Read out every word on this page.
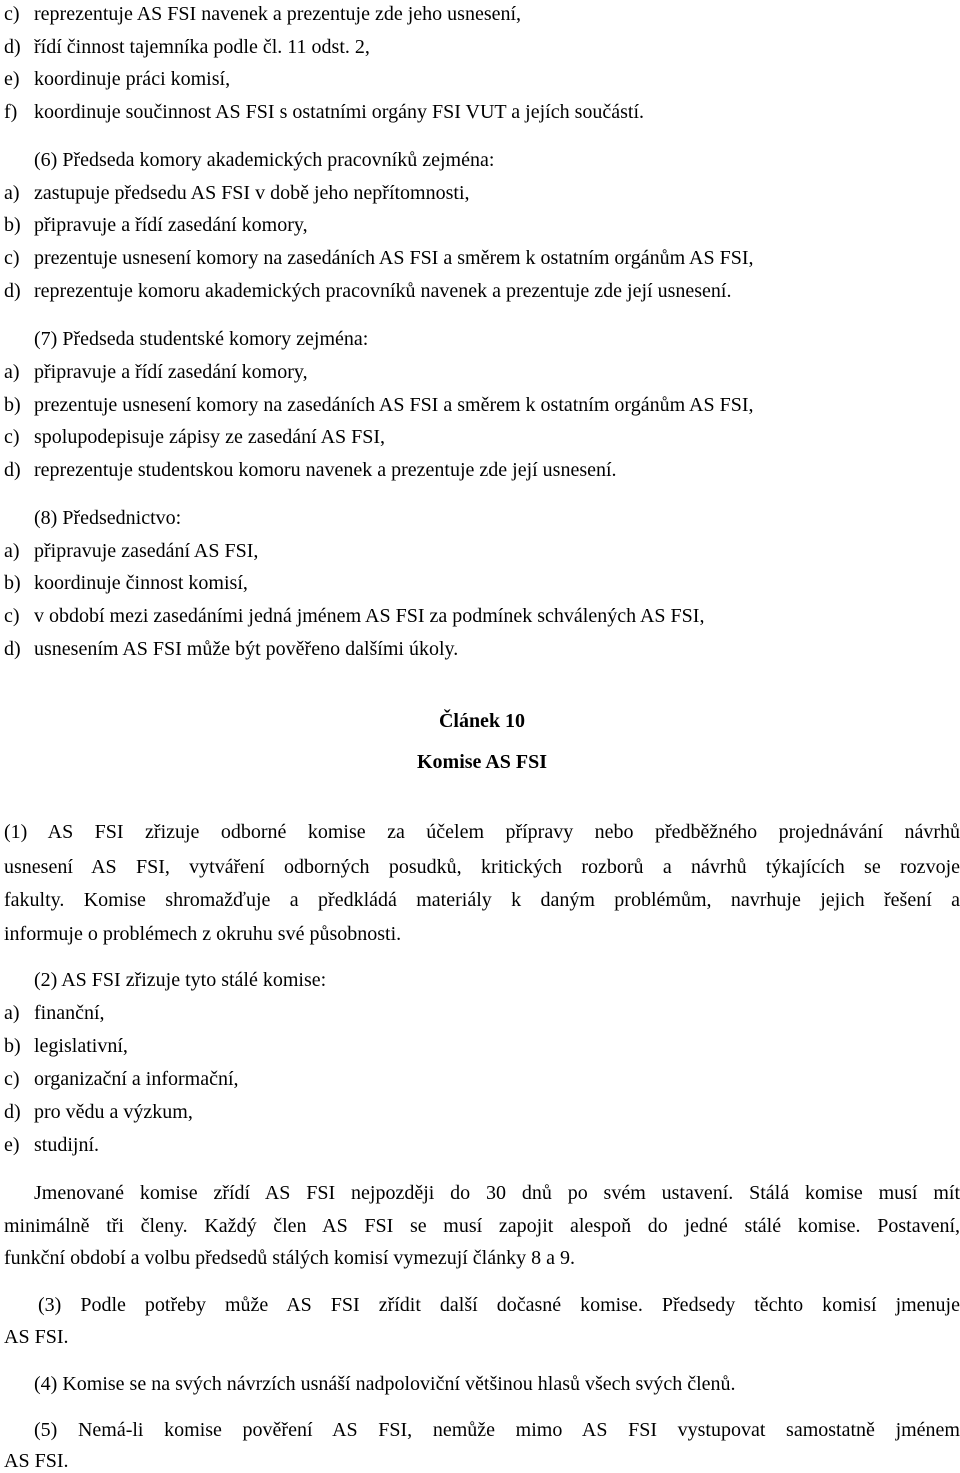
c) reprezentuje AS FSI navenek a prezentuje zde jeho usnesení,
d) řídí činnost tajemníka podle čl. 11 odst. 2,
e) koordinuje práci komisí,
f) koordinuje součinnost AS FSI s ostatními orgány FSI VUT a jejích součástí.
(6) Předseda komory akademických pracovníků zejména:
a) zastupuje předsedu AS FSI v době jeho nepřítomnosti,
b) připravuje a řídí zasedání komory,
c) prezentuje usnesení komory na zasedáních AS FSI a směrem k ostatním orgánům AS FSI,
d) reprezentuje komoru akademických pracovníků navenek a prezentuje zde její usnesení.
(7) Předseda studentské komory zejména:
a) připravuje a řídí zasedání komory,
b) prezentuje usnesení komory na zasedáních AS FSI a směrem k ostatním orgánům AS FSI,
c) spolupodepisuje zápisy ze zasedání AS FSI,
d) reprezentuje studentskou komoru navenek a prezentuje zde její usnesení.
(8) Předsednictvo:
a) připravuje zasedání AS FSI,
b) koordinuje činnost komisí,
c) v období mezi zasedáními jedná jménem AS FSI za podmínek schválených AS FSI,
d) usnesením AS FSI může být pověřeno dalšími úkoly.
Článek 10
Komise AS FSI
(1) AS FSI zřizuje odborné komise za účelem přípravy nebo předběžného projednávání návrhů
usnesení AS FSI, vytváření odborných posudků, kritických rozborů a návrhů týkajících se rozvoje
fakulty. Komise shromažďuje a předkládá materiály k daným problémům, navrhuje jejich řešení a
informuje o problémech z okruhu své působnosti.
(2) AS FSI zřizuje tyto stálé komise:
a) finanční,
b) legislativní,
c) organizační a informační,
d) pro vědu a výzkum,
e) studijní.
Jmenované komise zřídí AS FSI nejpozději do 30 dnů po svém ustavení. Stálá komise musí mít
minimálně tři členy. Každý člen AS FSI se musí zapojit alespoň do jedné stálé komise. Postavení,
funkční období a volbu předsedů stálých komisí vymezují články 8 a 9.
(3) Podle potřeby může AS FSI zřídit další dočasné komise. Předsedy těchto komisí jmenuje
AS FSI.
(4) Komise se na svých návrzích usnáší nadpoloviční většinou hlasů všech svých členů.
(5) Nemá-li komise pověření AS FSI, nemůže mimo AS FSI vystupovat samostatně jménem
AS FSI.
